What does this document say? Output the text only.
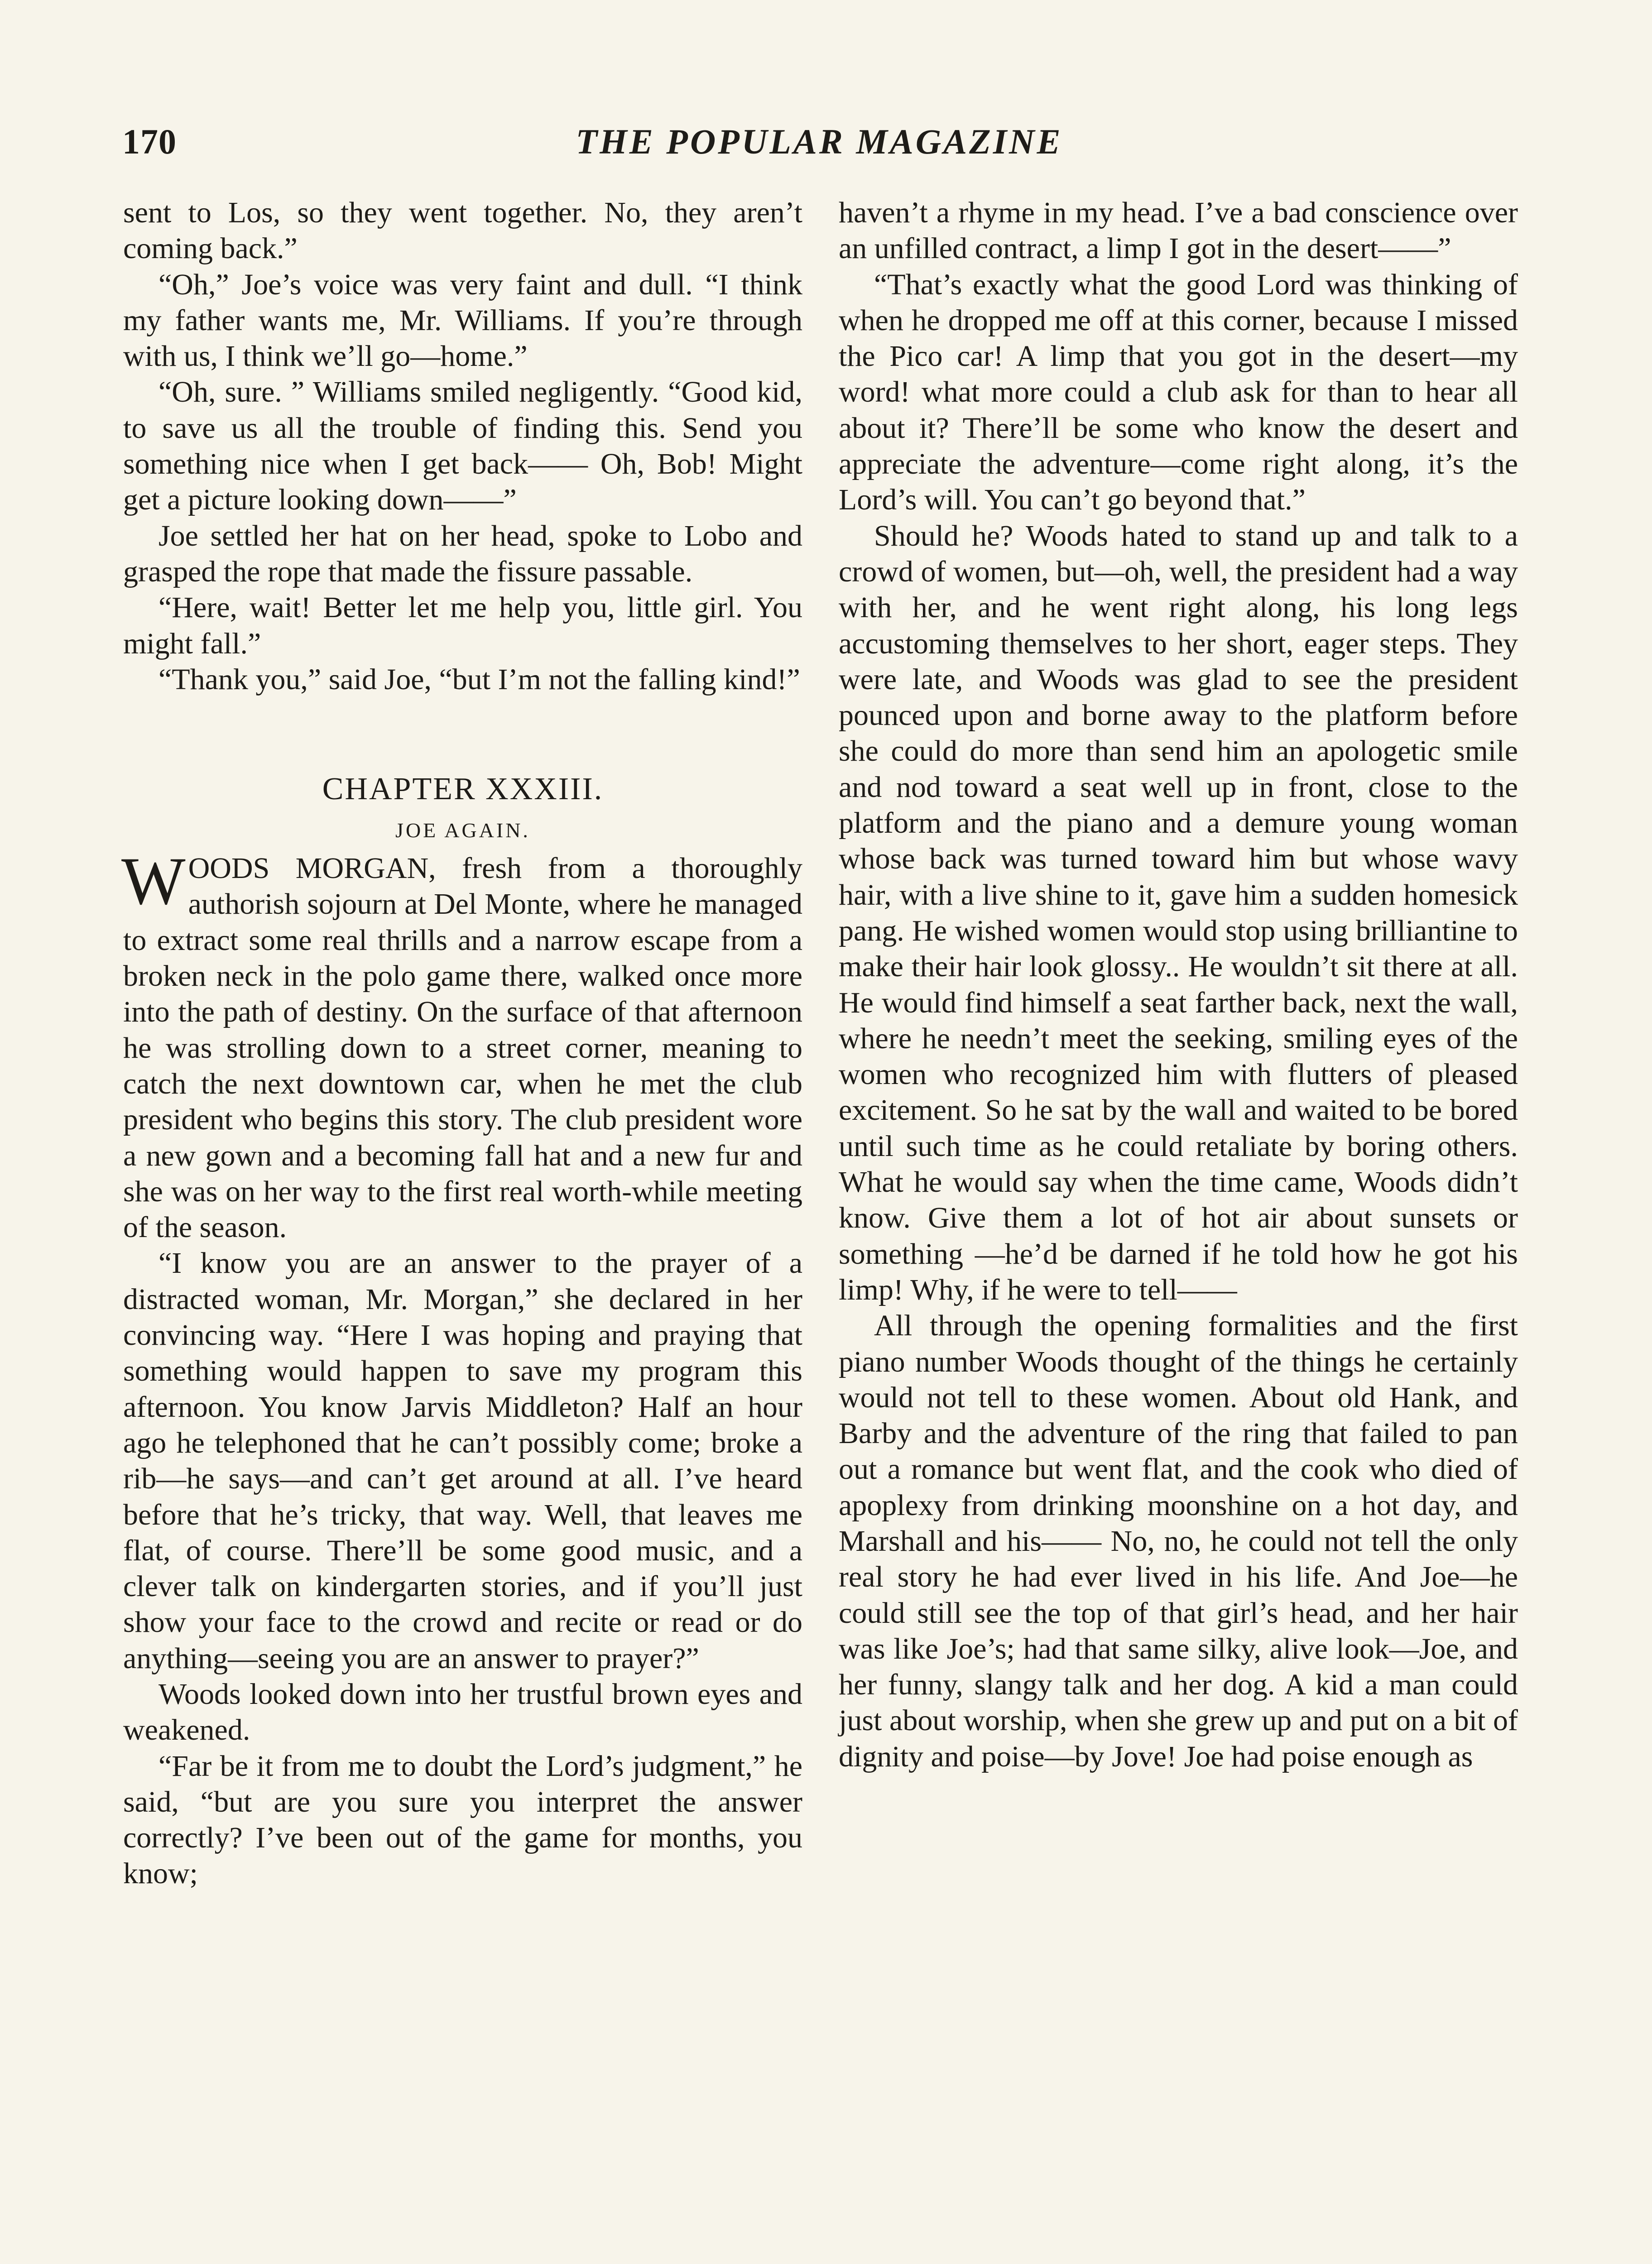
170	THE POPULAR MAGAZINE

sent to Los, so they went together. No, they aren’t coming back.”

“Oh,” Joe’s voice was very faint and dull. “I think my father wants me, Mr. Williams. If you’re through with us, I think we’ll go—home.”

“Oh, sure. ” Williams smiled negligently. “Good kid, to save us all the trouble of finding this. Send you something nice when I get back—— Oh, Bob! Might get a picture looking down——”

Joe settled her hat on her head, spoke to Lobo and grasped the rope that made the fissure passable.

“Here, wait! Better let me help you, little girl. You might fall.”

“Thank you,” said Joe, “but I’m not the falling kind!”

CHAPTER XXXIII.
JOE AGAIN.

WOODS MORGAN, fresh from a thoroughly authorish sojourn at Del Monte, where he managed to extract some real thrills and a narrow escape from a broken neck in the polo game there, walked once more into the path of destiny. On the surface of that afternoon he was strolling down to a street corner, meaning to catch the next downtown car, when he met the club president who begins this story. The club president wore a new gown and a becoming fall hat and a new fur and she was on her way to the first real worth-while meeting of the season.

“I know you are an answer to the prayer of a distracted woman, Mr. Morgan,” she declared in her convincing way. “Here I was hoping and praying that something would happen to save my program this afternoon. You know Jarvis Middleton? Half an hour ago he telephoned that he can’t possibly come; broke a rib—he says—and can’t get around at all. I’ve heard before that he’s tricky, that way. Well, that leaves me flat, of course. There’ll be some good music, and a clever talk on kindergarten stories, and if you’ll just show your face to the crowd and recite or read or do anything—seeing you are an answer to prayer?”

Woods looked down into her trustful brown eyes and weakened.

“Far be it from me to doubt the Lord’s judgment,” he said, “but are you sure you interpret the answer correctly? I’ve been out of the game for months, you know;

haven’t a rhyme in my head. I’ve a bad conscience over an unfilled contract, a limp I got in the desert——”

“That’s exactly what the good Lord was thinking of when he dropped me off at this corner, because I missed the Pico car! A limp that you got in the desert—my word! what more could a club ask for than to hear all about it? There’ll be some who know the desert and appreciate the adventure—come right along, it’s the Lord’s will. You can’t go beyond that.”

Should he? Woods hated to stand up and talk to a crowd of women, but—oh, well, the president had a way with her, and he went right along, his long legs accustoming themselves to her short, eager steps. They were late, and Woods was glad to see the president pounced upon and borne away to the platform before she could do more than send him an apologetic smile and nod toward a seat well up in front, close to the platform and the piano and a demure young woman whose back was turned toward him but whose wavy hair, with a live shine to it, gave him a sudden homesick pang. He wished women would stop using brilliantine to make their hair look glossy.. He wouldn’t sit there at all. He would find himself a seat farther back, next the wall, where he needn’t meet the seeking, smiling eyes of the women who recognized him with flutters of pleased excitement. So he sat by the wall and waited to be bored until such time as he could retaliate by boring others. What he would say when the time came, Woods didn’t know. Give them a lot of hot air about sunsets or something —he’d be darned if he told how he got his limp! Why, if he were to tell——

All through the opening formalities and the first piano number Woods thought of the things he certainly would not tell to these women. About old Hank, and Barby and the adventure of the ring that failed to pan out a romance but went flat, and the cook who died of apoplexy from drinking moonshine on a hot day, and Marshall and his—— No, no, he could not tell the only real story he had ever lived in his life. And Joe—he could still see the top of that girl’s head, and her hair was like Joe’s; had that same silky, alive look—Joe, and her funny, slangy talk and her dog. A kid a man could just about worship, when she grew up and put on a bit of dignity and poise—by Jove! Joe had poise enough as
